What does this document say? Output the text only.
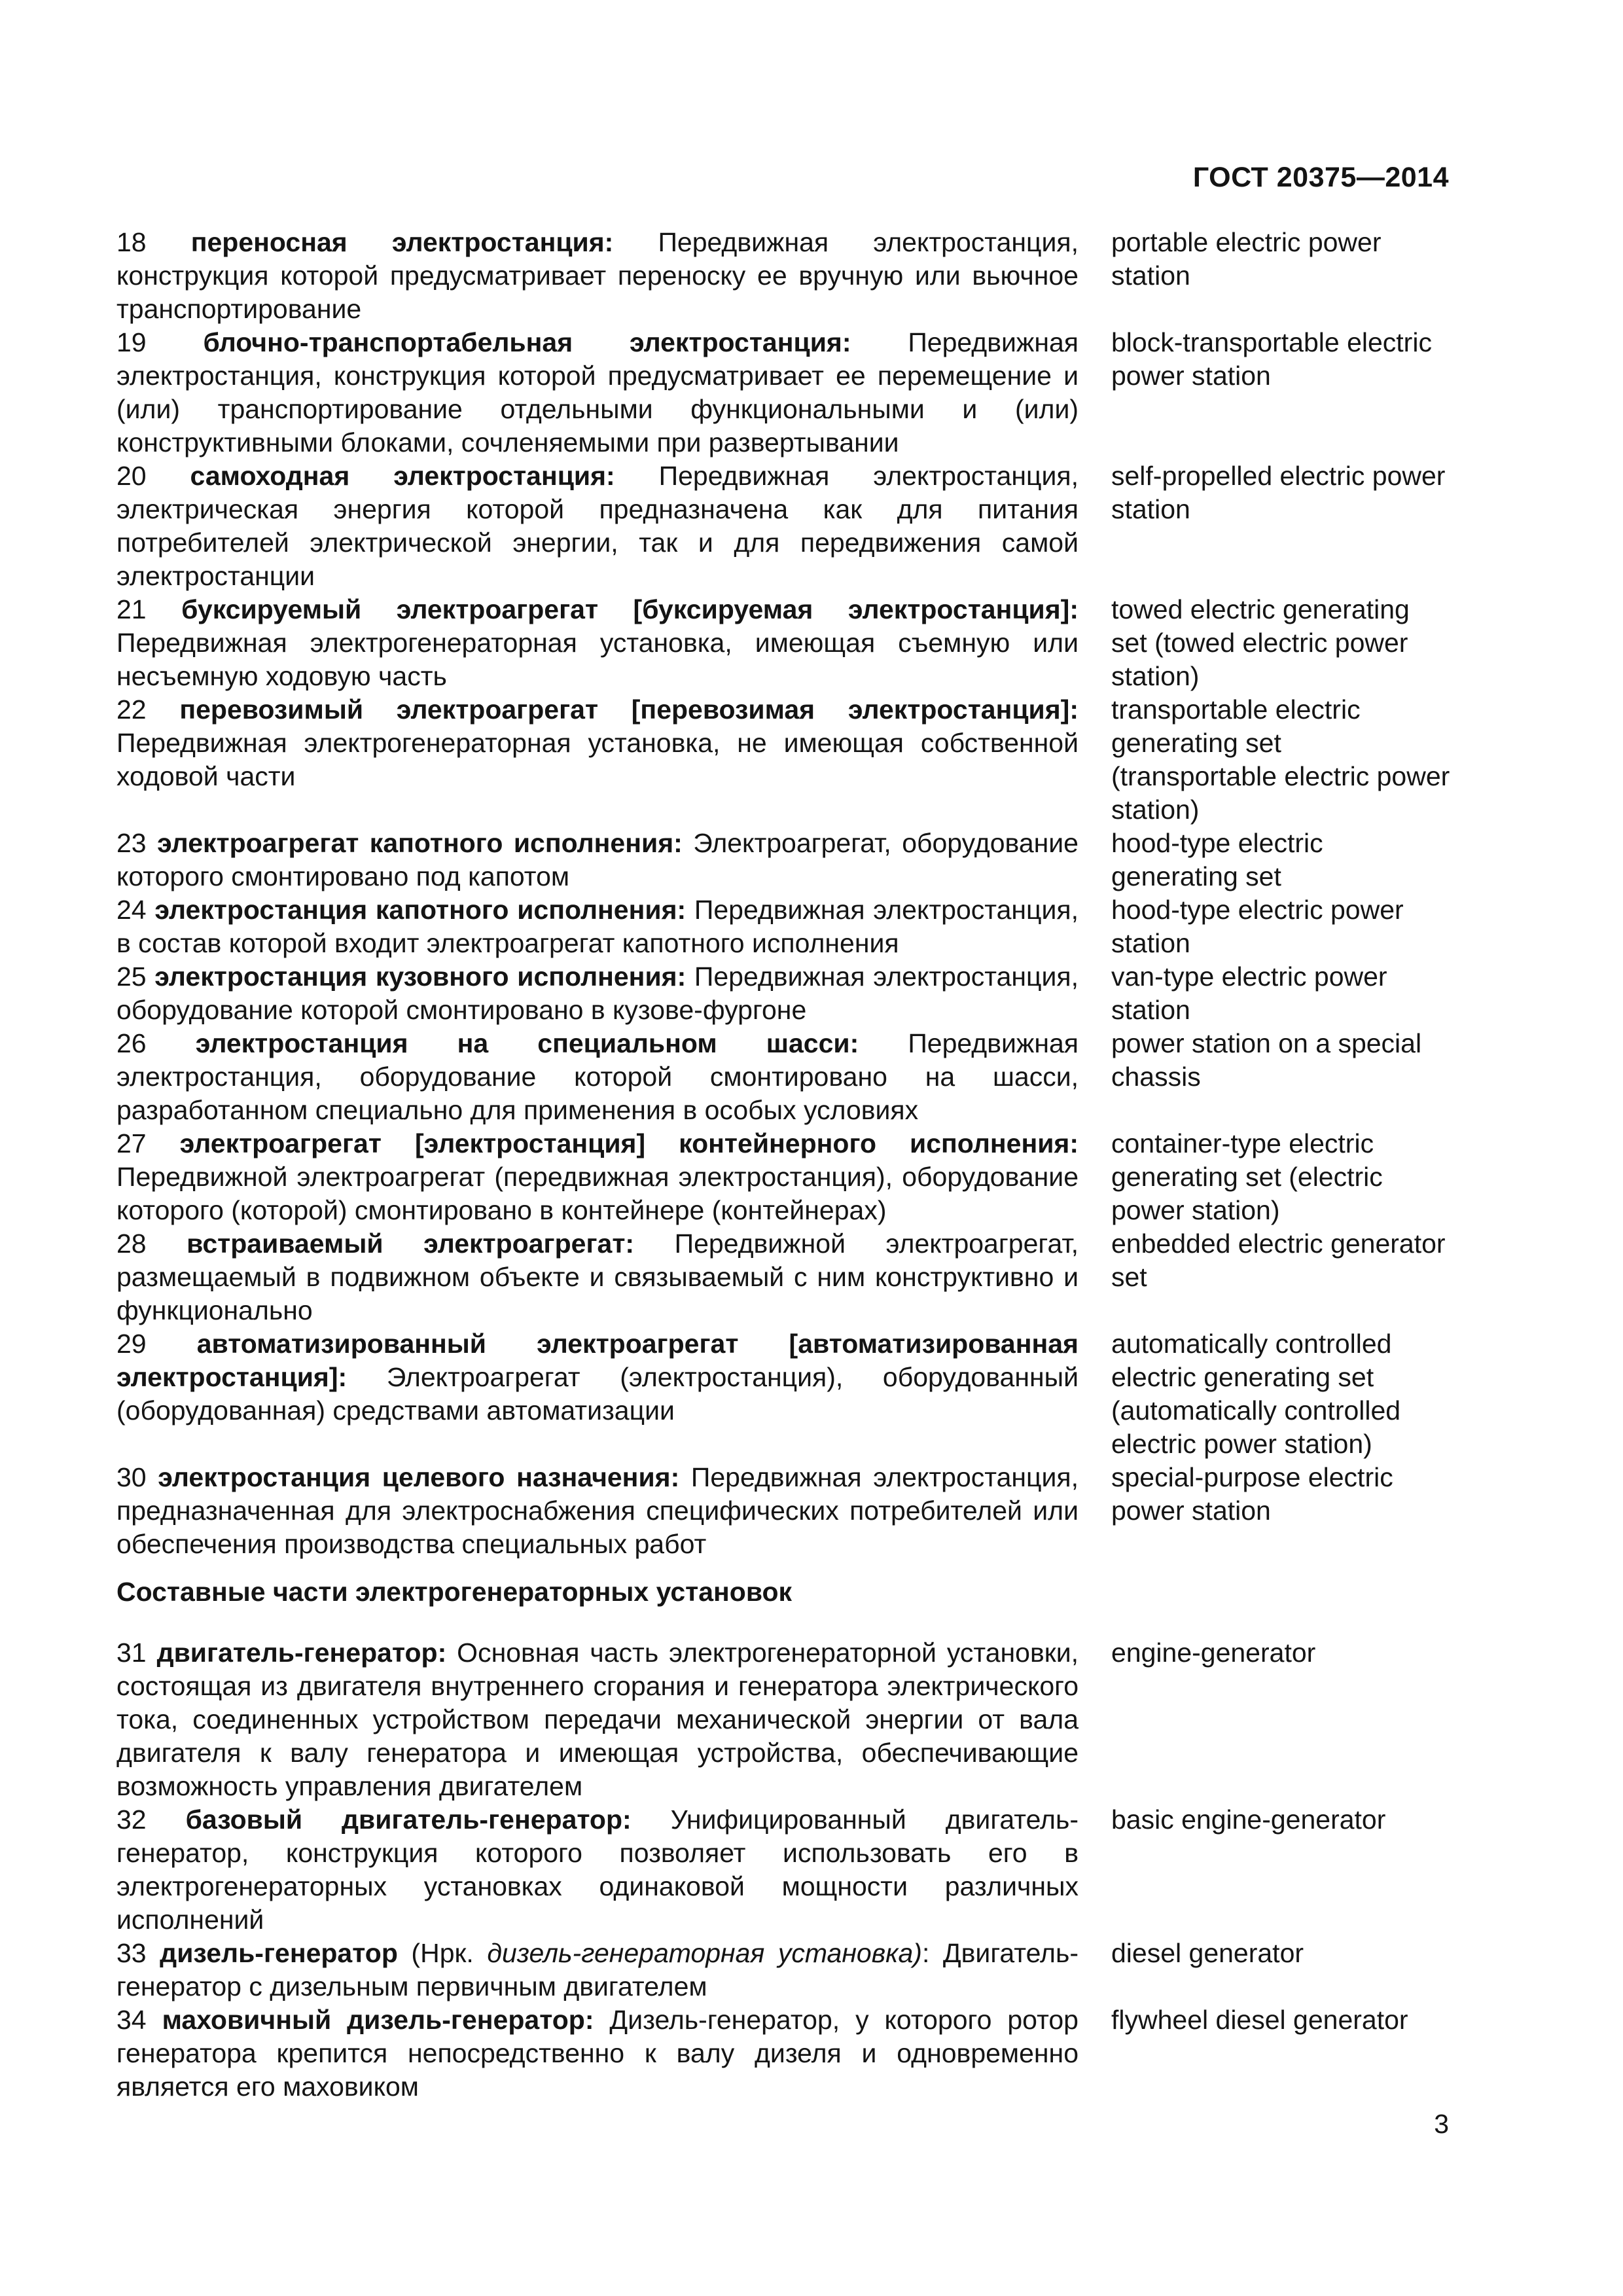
ГОСТ 20375—2014
18 переносная электростанция: Передвижная электростанция, конструкция которой предусматривает переноску ее вручную или вьючное транспортирование
portable electric power station
19 блочно-транспортабельная электростанция: Передвижная электростанция, конструкция которой предусматривает ее перемещение и (или) транспортирование отдельными функциональными и (или) конструктивными блоками, сочленяемыми при развертывании
block-transportable electric power station
20 самоходная электростанция: Передвижная электростанция, электрическая энергия которой предназначена как для питания потребителей электрической энергии, так и для передвижения самой электростанции
self-propelled electric power station
21 буксируемый электроагрегат [буксируемая электростанция]: Передвижная электрогенераторная установка, имеющая съемную или несъемную ходовую часть
towed electric generating set (towed electric power station)
22 перевозимый электроагрегат [перевозимая электростанция]: Передвижная электрогенераторная установка, не имеющая собственной ходовой части
transportable electric generating set (transportable electric power station)
23 электроагрегат капотного исполнения: Электроагрегат, оборудование которого смонтировано под капотом
hood-type electric generating set
24 электростанция капотного исполнения: Передвижная электростанция, в состав которой входит электроагрегат капотного исполнения
hood-type electric power station
25 электростанция кузовного исполнения: Передвижная электростанция, оборудование которой смонтировано в кузове-фургоне
van-type electric power station
26 электростанция на специальном шасси: Передвижная электростанция, оборудование которой смонтировано на шасси, разработанном специально для применения в особых условиях
power station on a special chassis
27 электроагрегат [электростанция] контейнерного исполнения: Передвижной электроагрегат (передвижная электростанция), оборудование которого (которой) смонтировано в контейнере (контейнерах)
container-type electric generating set (electric power station)
28 встраиваемый электроагрегат: Передвижной электроагрегат, размещаемый в подвижном объекте и связываемый с ним конструктивно и функционально
enbedded electric generator set
29 автоматизированный электроагрегат [автоматизированная электростанция]: Электроагрегат (электростанция), оборудованный (оборудованная) средствами автоматизации
automatically controlled electric generating set (automatically controlled electric power station)
30 электростанция целевого назначения: Передвижная электростанция, предназначенная для электроснабжения специфических потребителей или обеспечения производства специальных работ
special-purpose electric power station
Составные части электрогенераторных установок
31 двигатель-генератор: Основная часть электрогенераторной установки, состоящая из двигателя внутреннего сгорания и генератора электрического тока, соединенных устройством передачи механической энергии от вала двигателя к валу генератора и имеющая устройства, обеспечивающие возможность управления двигателем
engine-generator
32 базовый двигатель-генератор: Унифицированный двигатель-генератор, конструкция которого позволяет использовать его в электрогенераторных установках одинаковой мощности различных исполнений
basic engine-generator
33 дизель-генератор (Нрк. дизель-генераторная установка): Двигатель-генератор с дизельным первичным двигателем
diesel generator
34 маховичный дизель-генератор: Дизель-генератор, у которого ротор генератора крепится непосредственно к валу дизеля и одновременно является его маховиком
flywheel diesel generator
3
